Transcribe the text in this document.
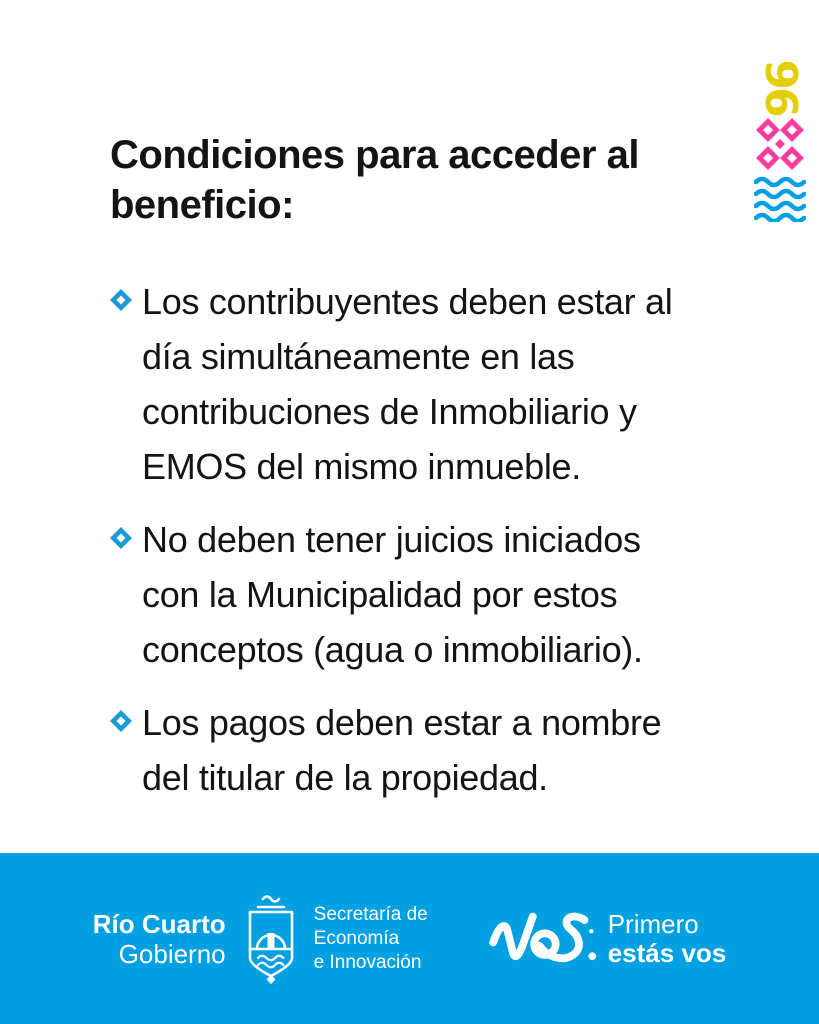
96
Condiciones para acceder al
beneficio:
Los contribuyentes deben estar al
día simultáneamente en las
contribuciones de Inmobiliario y
EMOS del mismo inmueble.
No deben tener juicios iniciados
con la Municipalidad por estos
conceptos (agua o inmobiliario).
Los pagos deben estar a nombre
del titular de la propiedad.
Río Cuarto
Gobierno
Secretaría de
Economía
e Innovación
Primero
estás vos
